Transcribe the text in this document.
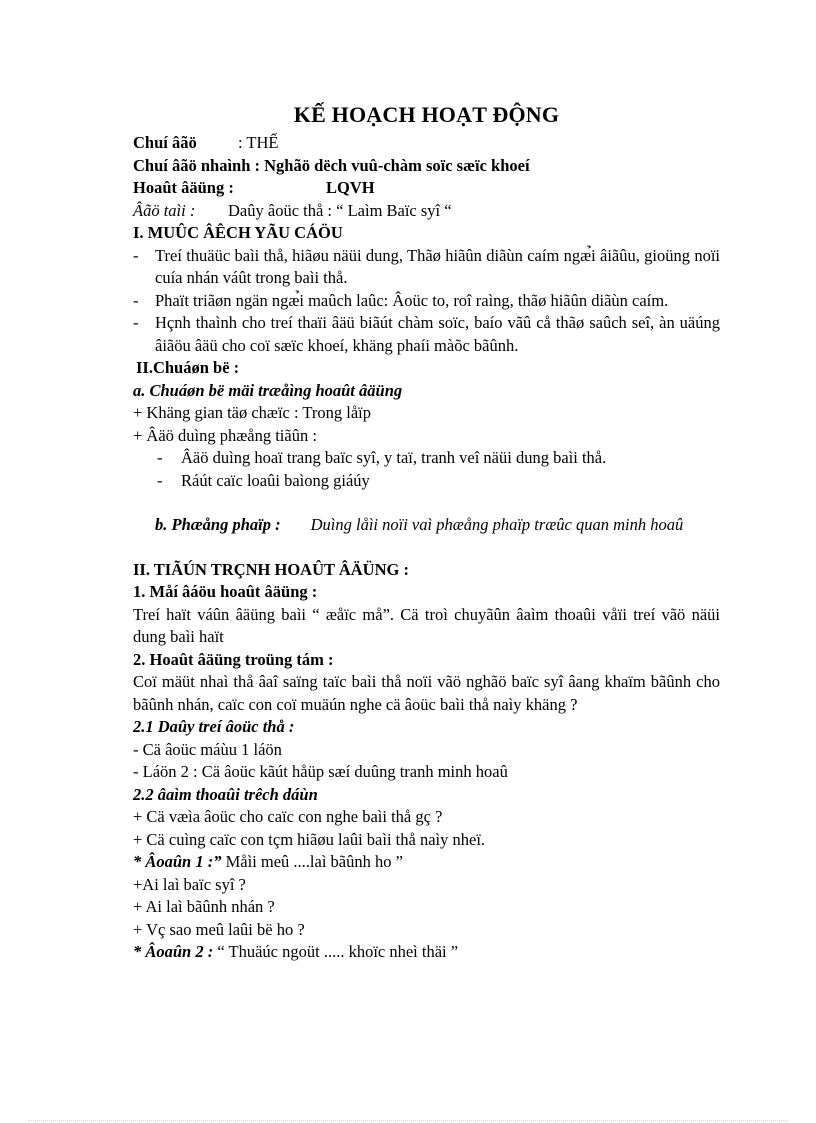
KẾ HOẠCH HOẠT ĐỘNG
Chuí âãö	: THẾ
Chuí âãö nhaình : Nghãö dëch vuû-chàm soïc sæïc khoeí
Hoaût âäüng :	LQVH
Âãö taìi : Daûy âoüc thå : “ Laìm Baïc syî “
I. MUÛC ÂÊCH YÃU CÁÖU
- Treí thuäüc baìi thå, hiãøu näüi dung, Thãø hiãûn diãùn caím ngæ̉i âiãûu, gioüng noïi cuía nhán váût trong baìi thå.
- Phaït triãøn ngän ngæ̉i maûch laûc: Âoüc to, roî raìng, thãø hiãûn diãùn caím.
- Hçnh thaình cho treí thaïi âäü biãút chàm soïc, baío vãû cå thãø saûch seî, àn uäúng âiãöu âäü cho coï sæïc khoeí, khäng phaíi màõc bãûnh.
II.Chuáøn bë :
a. Chuáøn bë mäi træåìng hoaût âäüng
+ Khäng gian täø chæïc : Trong låïp
+ Âäö duìng phæång tiãûn :
- Âäö duìng hoaï trang baïc syî, y taï, tranh veî näüi dung baìi thå.
- Ráút caïc loaûi baìong giáúy
b. Phæång phaïp : Duìng låìi noïi vaì phæång phaïp træûc quan minh hoaû
II. TIÃÚN TRÇNH HOAÛT ÂÄÜNG :
1. Måí âáöu hoaût âäüng :
Treí haït váûn âäüng baìi “ æåïc må”. Cä troì chuyãûn âaìm thoaûi våïi treí vãö näüi dung baìi haït
2. Hoaût âäüng troüng tám :
Coï mäüt nhaì thå âaî saïng taïc baìi thå noïi vãö nghãö baïc syî âang khaïm bãûnh cho bãûnh nhán, caïc con coï muäún nghe cä âoüc baìi thå naìy khäng ?
2.1 Daûy treí âoüc thå :
- Cä âoüc máùu 1 láön
- Láön 2 : Cä âoüc kãút håüp sæí duûng tranh minh hoaû
2.2 âaìm thoaûi trêch dáùn
+ Cä væìa âoüc cho caïc con nghe baìi thå gç ?
+ Cä cuìng caïc con tçm hiãøu laûi baìi thå naìy nheï.
* Âoaûn 1 :” Måìi meû ....laì bãûnh ho ”
+Ai laì baïc syî ?
+ Ai laì bãûnh nhán ?
+ Vç sao meû laûi bë ho ?
* Âoaûn 2 : “ Thuäúc ngoüt ..... khoïc nheì thäi ”
